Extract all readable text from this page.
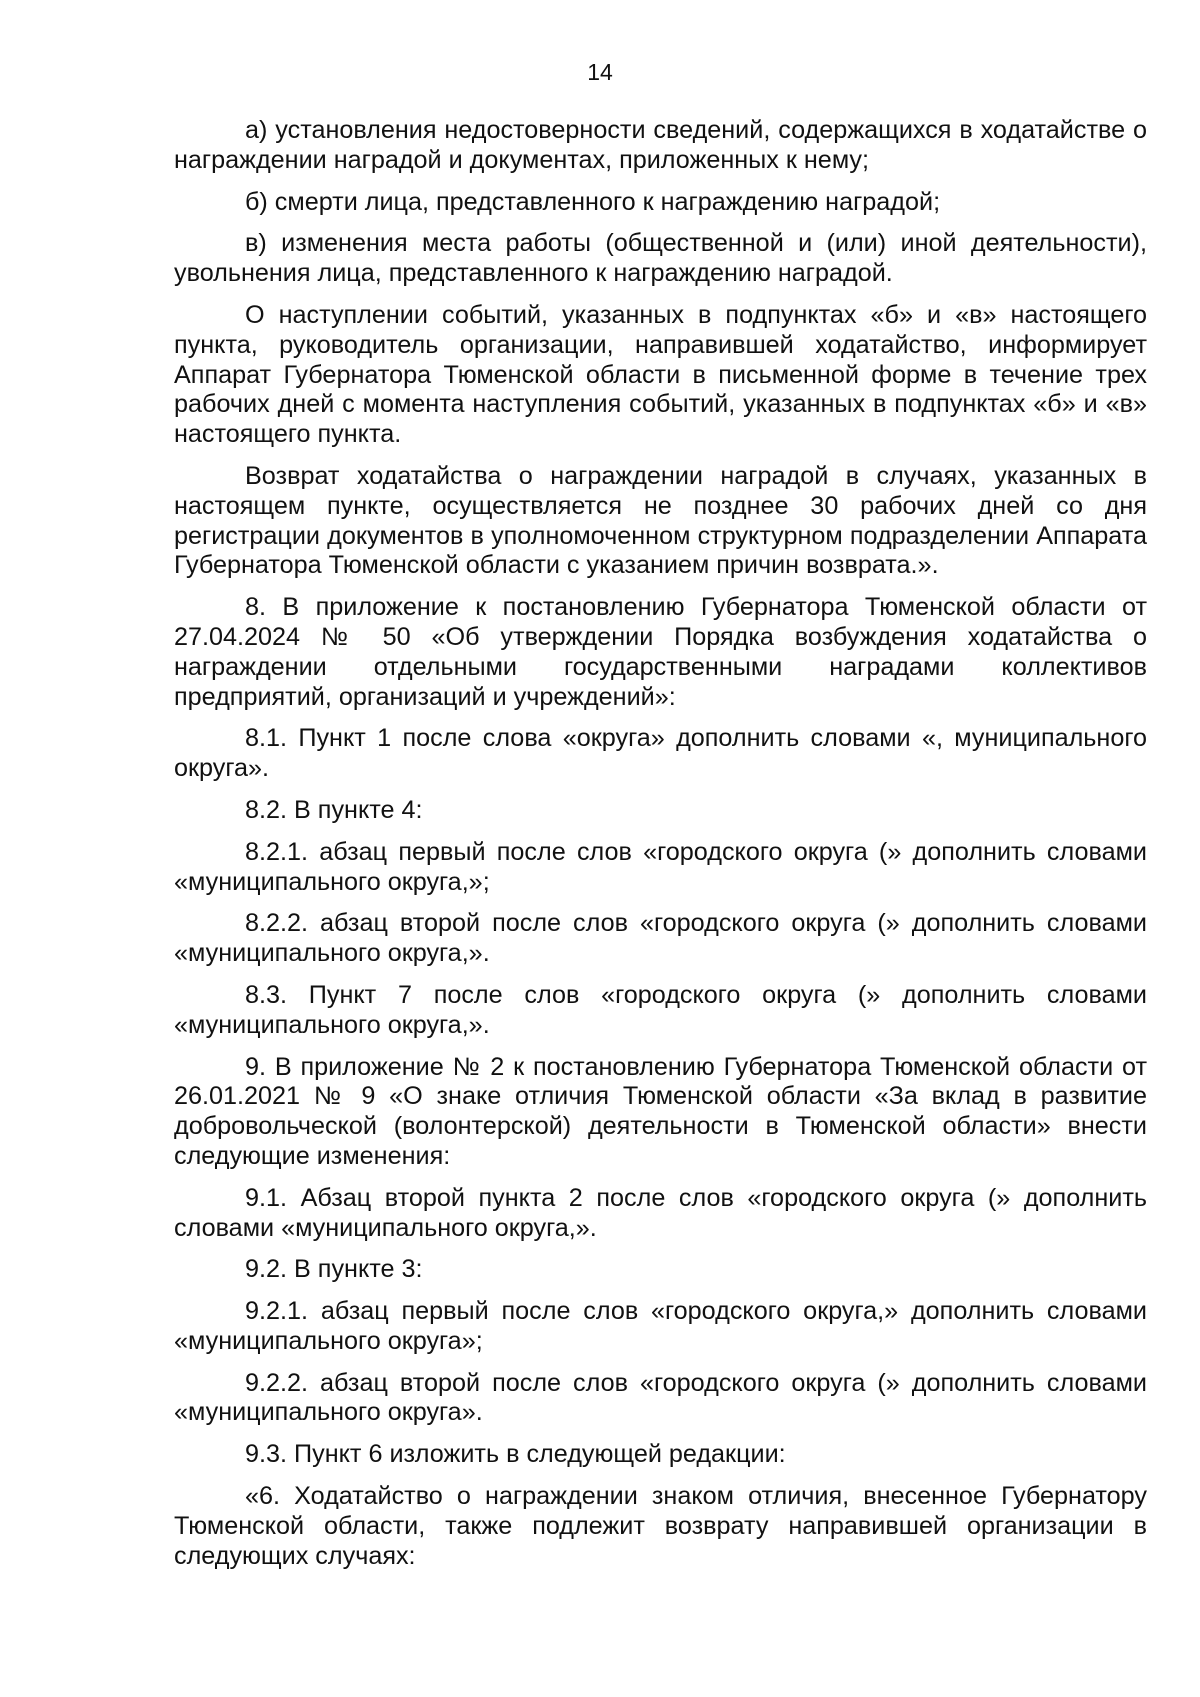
14

а) установления недостоверности сведений, содержащихся в ходатайстве о награждении наградой и документах, приложенных к нему;

б) смерти лица, представленного к награждению наградой;

в) изменения места работы (общественной и (или) иной деятельности), увольнения лица, представленного к награждению наградой.

О наступлении событий, указанных в подпунктах «б» и «в» настоящего пункта, руководитель организации, направившей ходатайство, информирует Аппарат Губернатора Тюменской области в письменной форме в течение трех рабочих дней с момента наступления событий, указанных в подпунктах «б» и «в» настоящего пункта.

Возврат ходатайства о награждении наградой в случаях, указанных в настоящем пункте, осуществляется не позднее 30 рабочих дней со дня регистрации документов в уполномоченном структурном подразделении Аппарата Губернатора Тюменской области с указанием причин возврата.».

8. В приложение к постановлению Губернатора Тюменской области от 27.04.2024 № 50 «Об утверждении Порядка возбуждения ходатайства о награждении отдельными государственными наградами коллективов предприятий, организаций и учреждений»:

8.1. Пункт 1 после слова «округа» дополнить словами «, муниципального округа».

8.2. В пункте 4:

8.2.1. абзац первый после слов «городского округа (» дополнить словами «муниципального округа,»;

8.2.2. абзац второй после слов «городского округа (» дополнить словами «муниципального округа,».

8.3. Пункт 7 после слов «городского округа (» дополнить словами «муниципального округа,».

9. В приложение № 2 к постановлению Губернатора Тюменской области от 26.01.2021 № 9 «О знаке отличия Тюменской области «За вклад в развитие добровольческой (волонтерской) деятельности в Тюменской области» внести следующие изменения:

9.1. Абзац второй пункта 2 после слов «городского округа (» дополнить словами «муниципального округа,».

9.2. В пункте 3:

9.2.1. абзац первый после слов «городского округа,» дополнить словами «муниципального округа»;

9.2.2. абзац второй после слов «городского округа (» дополнить словами «муниципального округа».

9.3. Пункт 6 изложить в следующей редакции:

«6. Ходатайство о награждении знаком отличия, внесенное Губернатору Тюменской области, также подлежит возврату направившей организации в следующих случаях:
